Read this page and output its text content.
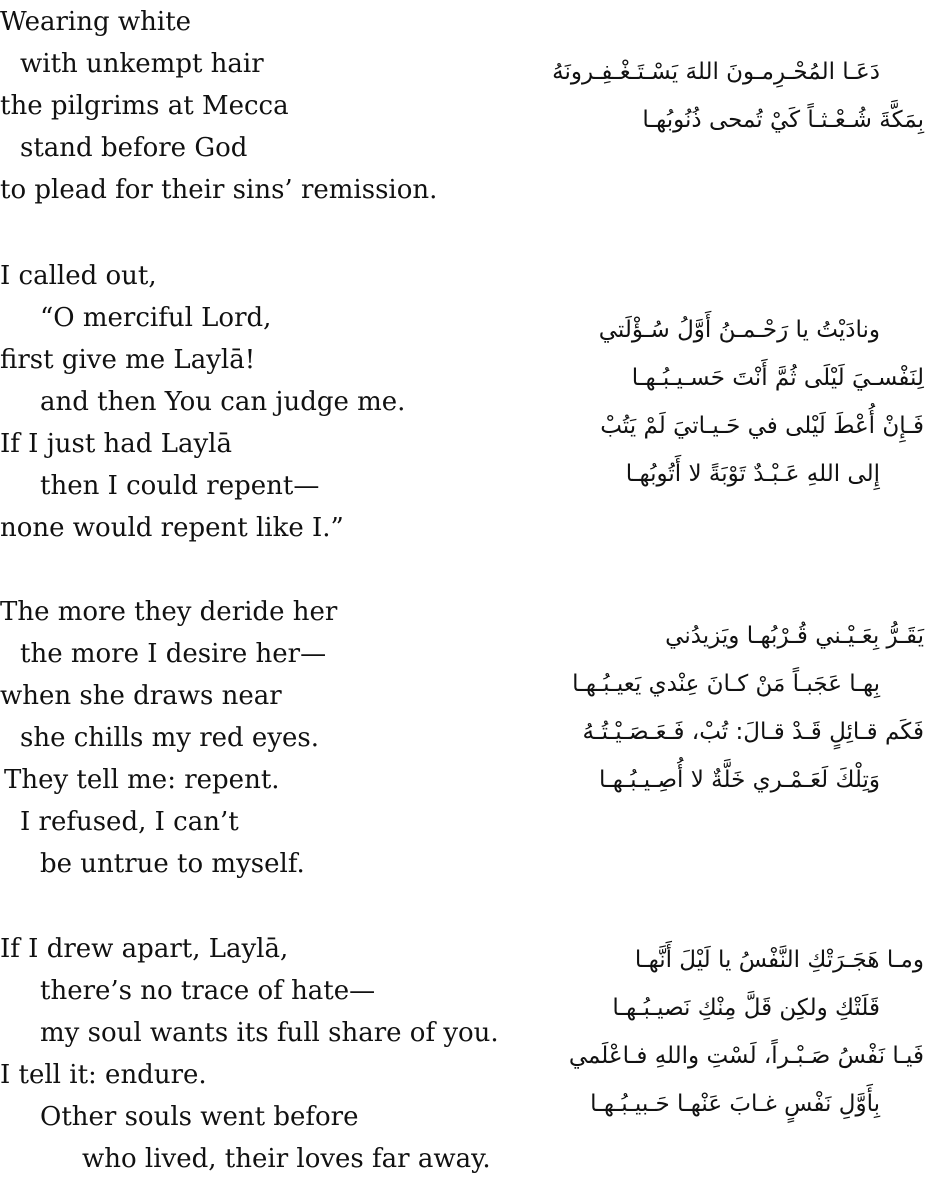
Wearing white
with unkempt hair
the pilgrims at Mecca
stand before God
to plead for their sins’ remission.
دَعَـا المُحْـرِمـونَ اللهَ يَسْـتَـغْـفِـرونَهُ
بِمَكَّةَ شُـعْـثـاً كَيْ تُمحى ذُنُوبُهـا
I called out,
“O merciful Lord,
first give me Laylā!
and then You can judge me.
If I just had Laylā
then I could repent—
none would repent like I.”
ونادَيْتُ يا رَحْـمـنُ أَوَّلُ سُـؤْلَتي
لِنَفْسـيَ لَيْلَى ثُمَّ أَنْتَ حَسـيـبُـهـا
فَـإِنْ أُعْطَ لَيْلى في حَـيـاتيَ لَمْ يَتُبْ
إِلى اللهِ عَـبْـدٌ تَوْبَةً لا أَتُوبُهـا
The more they deride her
the more I desire her—
when she draws near
she chills my red eyes.
They tell me: repent.
I refused, I can’t
be untrue to myself.
يَقَـرُّ بِعَـيْـني قُـرْبُهـا ويَزيدُني
بِهـا عَجَبـاً مَنْ كـانَ عِنْدي يَعيـبُـهـا
فَكَم قـائِلٍ قَـدْ قـالَ: تُبْ، فَـعَـصَـيْـتُـهُ
وَتِلْكَ لَعَـمْـري خَلَّةٌ لا أُصِـيـبُـهـا
If I drew apart, Laylā,
there’s no trace of hate—
my soul wants its full share of you.
I tell it: endure.
Other souls went before
who lived, their loves far away.
ومـا هَجَـرَتْكِ النَّفْسُ يا لَيْلَ أَنَّهـا
قَلَتْكِ ولكِن قَلَّ مِنْكِ نَصيـبُـهـا
فَيـا نَفْسُ صَـبْـراً، لَسْتِ واللهِ فـاعْلَمي
بِأَوَّلِ نَفْسٍ غـابَ عَنْهـا حَـبيـبُـهـا
